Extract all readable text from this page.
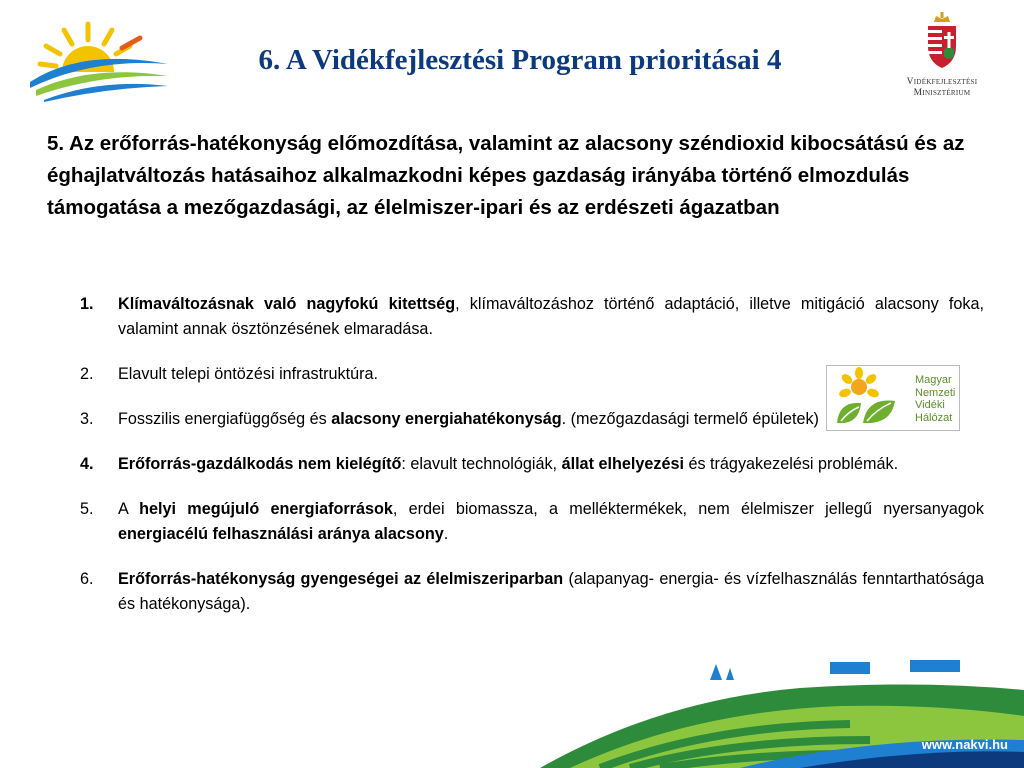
6. A Vidékfejlesztési Program prioritásai 4
Vidékfejlesztési
Minisztérium
5. Az erőforrás-hatékonyság előmozdítása, valamint az alacsony széndioxid kibocsátású és az éghajlatváltozás hatásaihoz alkalmazkodni képes gazdaság irányába történő elmozdulás támogatása a mezőgazdasági, az élelmiszer-ipari és az erdészeti ágazatban
1. Klímaváltozásnak való nagyfokú kitettség, klímaváltozáshoz történő adaptáció, illetve mitigáció alacsony foka, valamint annak ösztönzésének elmaradása.
2. Elavult telepi öntözési infrastruktúra.
3. Fosszilis energiafüggőség és alacsony energiahatékonyság. (mezőgazdasági termelő épületek)
4. Erőforrás-gazdálkodás nem kielégítő: elavult technológiák, állat elhelyezési és trágyakezelési problémák.
5. A helyi megújuló energiaforrások, erdei biomassza, a melléktermékek, nem élelmiszer jellegű nyersanyagok energiacélú felhasználási aránya alacsony.
6. Erőforrás-hatékonyság gyengeségei az élelmiszeriparban (alapanyag- energia- és vízfelhasználás fenntarthatósága és hatékonysága).
Magyar
Nemzeti
Vidéki
Hálózat
www.nakvi.hu
